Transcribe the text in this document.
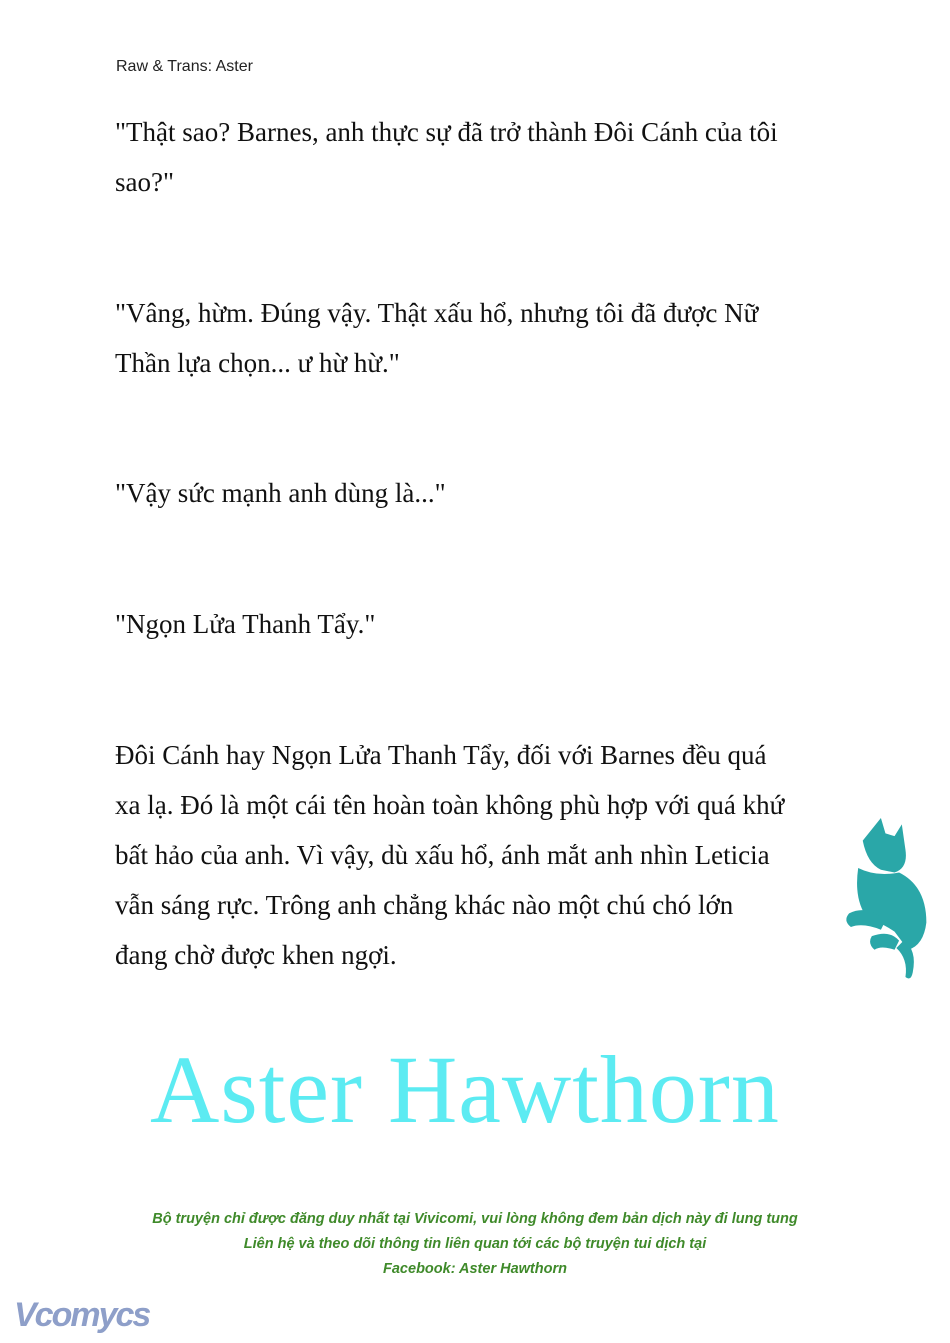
Raw & Trans: Aster
"Thật sao? Barnes, anh thực sự đã trở thành Đôi Cánh của tôi
sao?"
"Vâng, hừm. Đúng vậy. Thật xấu hổ, nhưng tôi đã được Nữ
Thần lựa chọn... ư hừ hừ."
"Vậy sức mạnh anh dùng là..."
"Ngọn Lửa Thanh Tẩy."
Đôi Cánh hay Ngọn Lửa Thanh Tẩy, đối với Barnes đều quá
xa lạ. Đó là một cái tên hoàn toàn không phù hợp với quá khứ
bất hảo của anh. Vì vậy, dù xấu hổ, ánh mắt anh nhìn Leticia
vẫn sáng rực. Trông anh chẳng khác nào một chú chó lớn
đang chờ được khen ngợi.
Aster Hawthorn
Bộ truyện chỉ được đăng duy nhất tại Vivicomi, vui lòng không đem bản dịch này đi lung tung
Liên hệ và theo dõi thông tin liên quan tới các bộ truyện tui dịch tại
Facebook: Aster Hawthorn
Vcomycs
